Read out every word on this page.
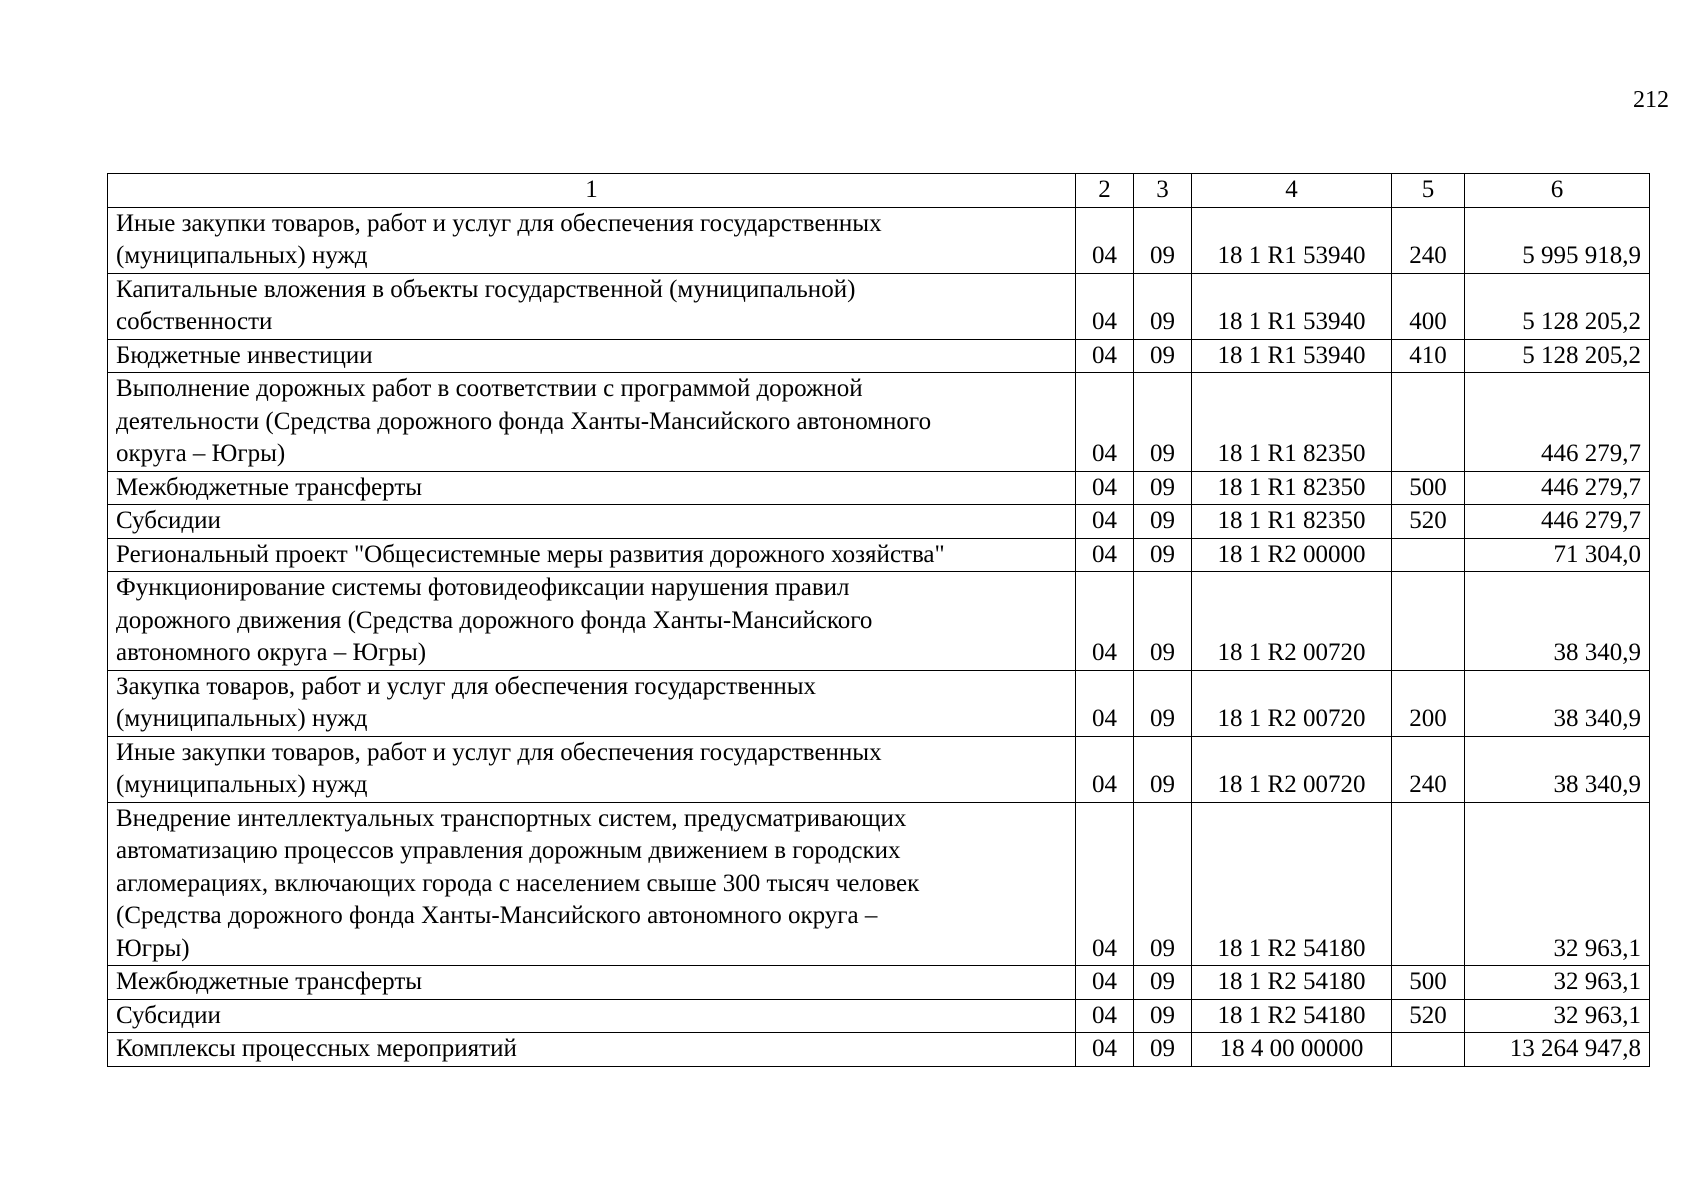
212
1	2	3	4	5	6
Иные закупки товаров, работ и услуг для обеспечения государственных
(муниципальных) нужд	04	09	18 1 R1 53940	240	5 995 918,9
Капитальные вложения в объекты государственной (муниципальной)
собственности	04	09	18 1 R1 53940	400	5 128 205,2
Бюджетные инвестиции	04	09	18 1 R1 53940	410	5 128 205,2
Выполнение дорожных работ в соответствии с программой дорожной
деятельности (Средства дорожного фонда Ханты-Мансийского автономного
округа – Югры)	04	09	18 1 R1 82350		446 279,7
Межбюджетные трансферты	04	09	18 1 R1 82350	500	446 279,7
Субсидии	04	09	18 1 R1 82350	520	446 279,7
Региональный проект "Общесистемные меры развития дорожного хозяйства"	04	09	18 1 R2 00000		71 304,0
Функционирование системы фотовидеофиксации нарушения правил
дорожного движения (Средства дорожного фонда Ханты-Мансийского
автономного округа – Югры)	04	09	18 1 R2 00720		38 340,9
Закупка товаров, работ и услуг для обеспечения государственных
(муниципальных) нужд	04	09	18 1 R2 00720	200	38 340,9
Иные закупки товаров, работ и услуг для обеспечения государственных
(муниципальных) нужд	04	09	18 1 R2 00720	240	38 340,9
Внедрение интеллектуальных транспортных систем, предусматривающих
автоматизацию процессов управления дорожным движением в городских
агломерациях, включающих города с населением свыше 300 тысяч человек
(Средства дорожного фонда Ханты-Мансийского автономного округа –
Югры)	04	09	18 1 R2 54180		32 963,1
Межбюджетные трансферты	04	09	18 1 R2 54180	500	32 963,1
Субсидии	04	09	18 1 R2 54180	520	32 963,1
Комплексы процессных мероприятий	04	09	18 4 00 00000		13 264 947,8
